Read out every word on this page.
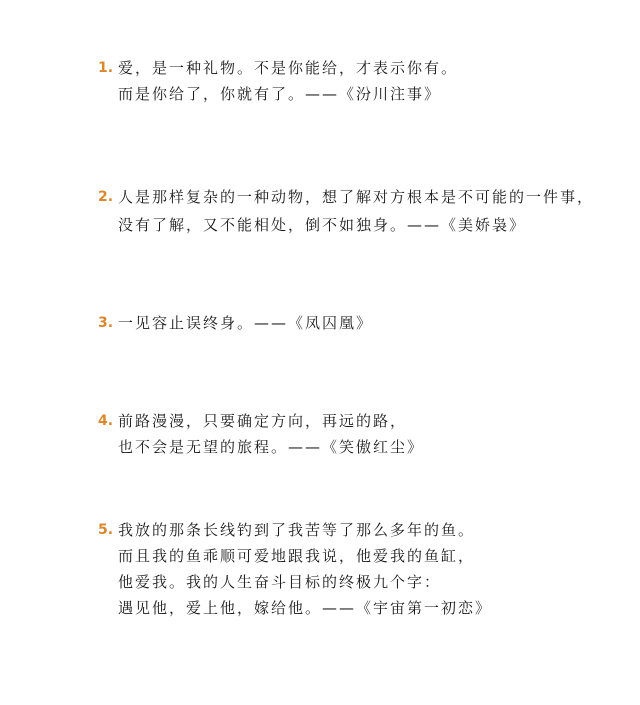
1. 爱，是一种礼物。不是你能给，才表示你有。
而是你给了，你就有了。——《汾川注事》
2. 人是那样复杂的一种动物，想了解对方根本是不可能的一件事，
没有了解，又不能相处，倒不如独身。——《美娇袅》
3. 一见容止误终身。——《凤囚凰》
4. 前路漫漫，只要确定方向，再远的路，
也不会是无望的旅程。——《笑傲红尘》
5. 我放的那条长线钓到了我苦等了那么多年的鱼。
而且我的鱼乖顺可爱地跟我说，他爱我的鱼缸，
他爱我。我的人生奋斗目标的终极九个字：
遇见他，爱上他，嫁给他。——《宇宙第一初恋》
